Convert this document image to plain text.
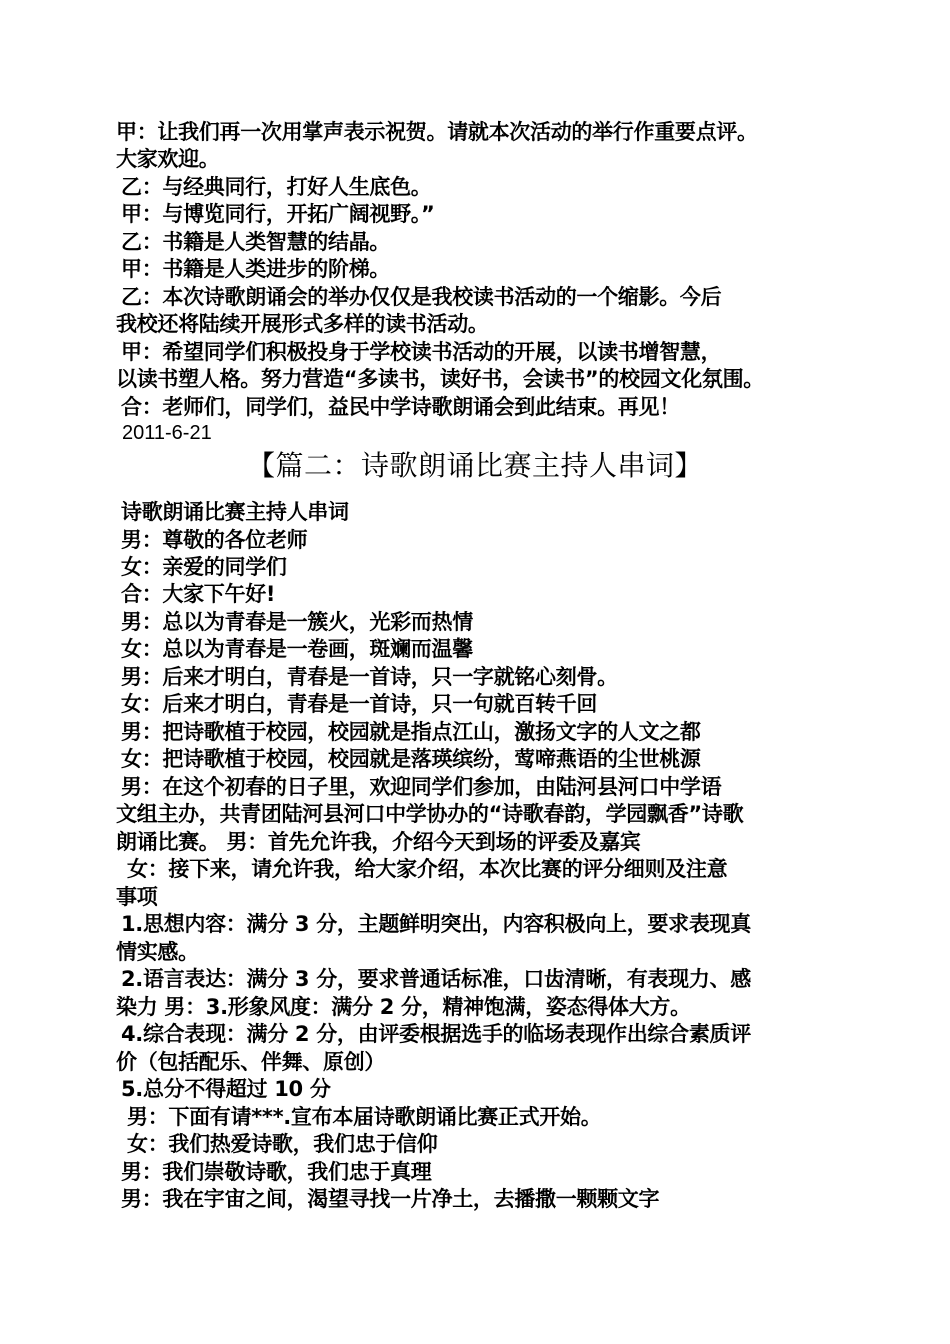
甲：让我们再一次用掌声表示祝贺。请就本次活动的举行作重要点评。
大家欢迎。
乙：与经典同行，打好人生底色。
甲：与博览同行，开拓广阔视野。”
乙：书籍是人类智慧的结晶。
甲：书籍是人类进步的阶梯。
乙：本次诗歌朗诵会的举办仅仅是我校读书活动的一个缩影。今后
我校还将陆续开展形式多样的读书活动。
甲：希望同学们积极投身于学校读书活动的开展，以读书增智慧，
以读书塑人格。努力营造“多读书，读好书，会读书”的校园文化氛围。
合：老师们，同学们，益民中学诗歌朗诵会到此结束。再见！
2011-6-21
【篇二：诗歌朗诵比赛主持人串词】
诗歌朗诵比赛主持人串词
男：尊敬的各位老师
女：亲爱的同学们
合：大家下午好!
男：总以为青春是一簇火，光彩而热情
女：总以为青春是一卷画，斑斓而温馨
男：后来才明白，青春是一首诗，只一字就铭心刻骨。
女：后来才明白，青春是一首诗，只一句就百转千回
男：把诗歌植于校园，校园就是指点江山，激扬文字的人文之都
女：把诗歌植于校园，校园就是落瑛缤纷，莺啼燕语的尘世桃源
男：在这个初春的日子里，欢迎同学们参加，由陆河县河口中学语
文组主办，共青团陆河县河口中学协办的“诗歌春韵，学园飘香”诗歌
朗诵比赛。 男：首先允许我，介绍今天到场的评委及嘉宾
女：接下来，请允许我，给大家介绍，本次比赛的评分细则及注意
事项
1.思想内容：满分 3 分，主题鲜明突出，内容积极向上，要求表现真
情实感。
2.语言表达：满分 3 分，要求普通话标准，口齿清晰，有表现力、感
染力 男：3.形象风度：满分 2 分，精神饱满，姿态得体大方。
4.综合表现：满分 2 分，由评委根据选手的临场表现作出综合素质评
价（包括配乐、伴舞、原创）
5.总分不得超过 10 分
男：下面有请***.宣布本届诗歌朗诵比赛正式开始。
女：我们热爱诗歌，我们忠于信仰
男：我们崇敬诗歌，我们忠于真理
男：我在宇宙之间，渴望寻找一片净土，去播撒一颗颗文字
